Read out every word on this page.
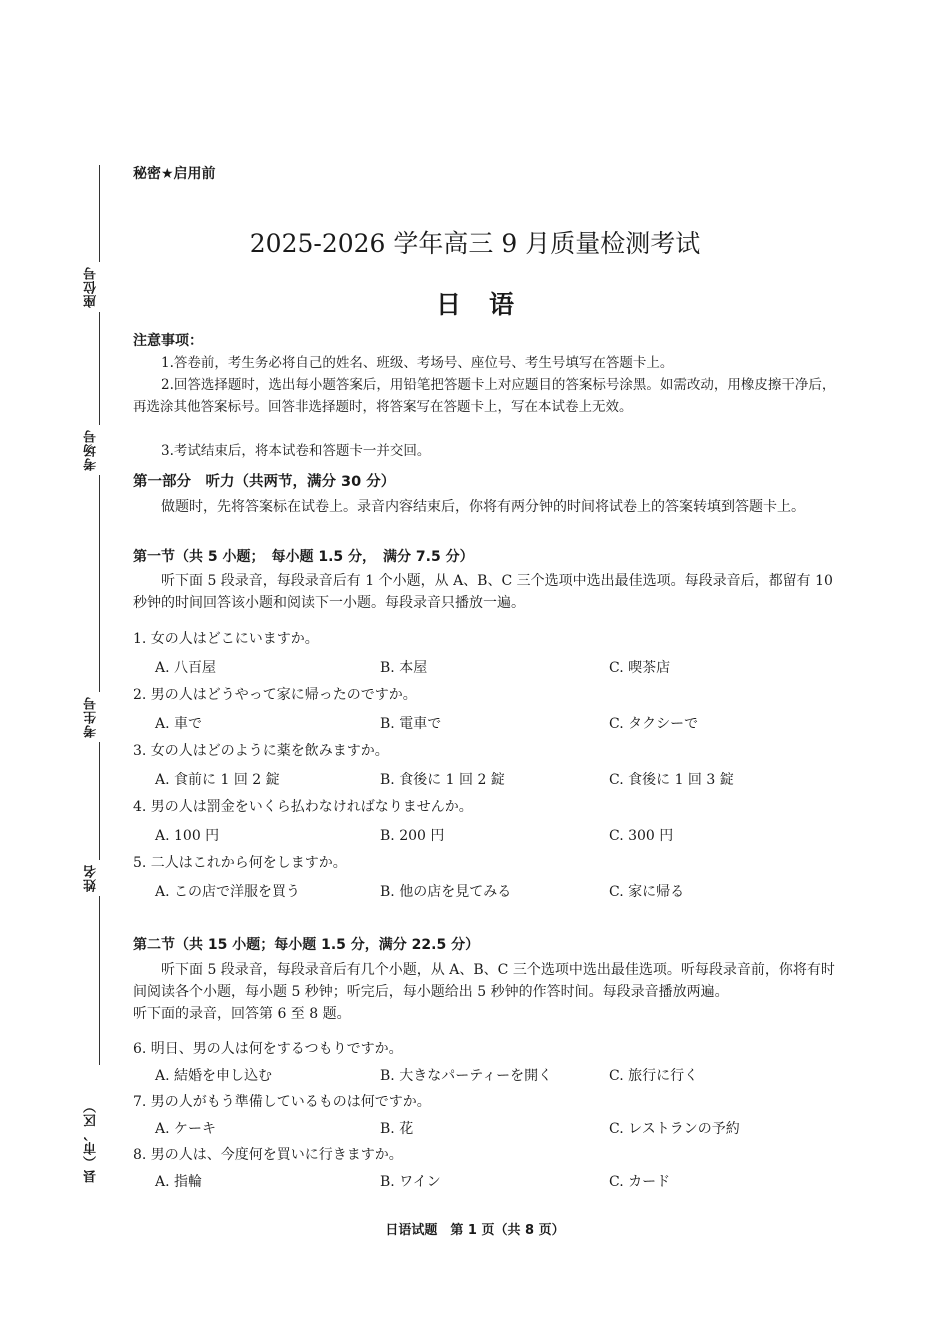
座位号
考场号
考生号
姓名
县（市、区）
秘密★启用前
2025-2026 学年高三 9 月质量检测考试
日语
注意事项：
1.答卷前，考生务必将自己的姓名、班级、考场号、座位号、考生号填写在答题卡上。
2.回答选择题时，选出每小题答案后，用铅笔把答题卡上对应题目的答案标号涂黑。如需改动，用橡皮擦干净后，再选涂其他答案标号。回答非选择题时，将答案写在答题卡上，写在本试卷上无效。
3.考试结束后，将本试卷和答题卡一并交回。
第一部分　听力（共两节，满分 30 分）
做题时，先将答案标在试卷上。录音内容结束后，你将有两分钟的时间将试卷上的答案转填到答题卡上。
第一节（共 5 小题；　每小题 1.5 分，　满分 7.5 分）
听下面 5 段录音，每段录音后有 1 个小题，从 A、B、C 三个选项中选出最佳选项。每段录音后，都留有 10 秒钟的时间回答该小题和阅读下一小题。每段录音只播放一遍。
1. 女の人はどこにいますか。
A. 八百屋	B. 本屋	C. 喫茶店
2. 男の人はどうやって家に帰ったのですか。
A. 車で	B. 電車で	C. タクシーで
3. 女の人はどのように薬を飲みますか。
A. 食前に 1 回 2 錠	B. 食後に 1 回 2 錠	C. 食後に 1 回 3 錠
4. 男の人は罰金をいくら払わなければなりませんか。
A. 100 円	B. 200 円	C. 300 円
5. 二人はこれから何をしますか。
A. この店で洋服を買う	B. 他の店を見てみる	C. 家に帰る
第二节（共 15 小题；每小题 1.5 分，满分 22.5 分）
听下面 5 段录音，每段录音后有几个小题，从 A、B、C 三个选项中选出最佳选项。听每段录音前，你将有时间阅读各个小题，每小题 5 秒钟；听完后，每小题给出 5 秒钟的作答时间。每段录音播放两遍。
听下面的录音，回答第 6 至 8 题。
6. 明日、男の人は何をするつもりですか。
A. 結婚を申し込む	B. 大きなパーティーを開く	C. 旅行に行く
7. 男の人がもう準備しているものは何ですか。
A. ケーキ	B. 花	C. レストランの予約
8. 男の人は、今度何を買いに行きますか。
A. 指輪	B. ワイン	C. カード
日语试题　第 1 页（共 8 页）
